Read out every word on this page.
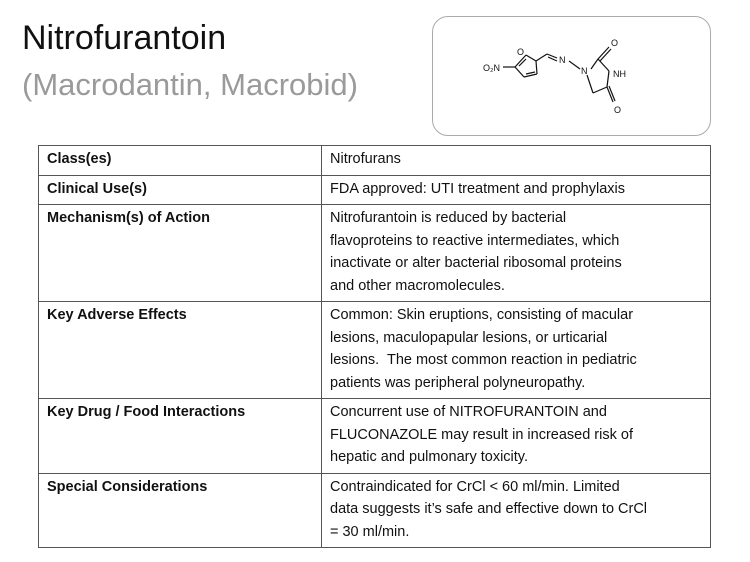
Nitrofurantoin
(Macrodantin, Macrobid)	O₂N
O
N
N	NH
O
O
Class(es)	Nitrofurans

Clinical Use(s)	FDA approved: UTI treatment and prophylaxis

Mechanism(s) of Action	Nitrofurantoin is reduced by bacterial
flavoproteins to reactive intermediates, which
inactivate or alter bacterial ribosomal proteins
and other macromolecules.

Key Adverse Effects	Common: Skin eruptions, consisting of macular
lesions, maculopapular lesions, or urticarial
lesions.  The most common reaction in pediatric
patients was peripheral polyneuropathy.

Key Drug / Food Interactions	Concurrent use of NITROFURANTOIN and
FLUCONAZOLE may result in increased risk of
hepatic and pulmonary toxicity.

Special Considerations	Contraindicated for CrCl < 60 ml/min. Limited
data suggests it’s safe and effective down to CrCl
= 30 ml/min.
